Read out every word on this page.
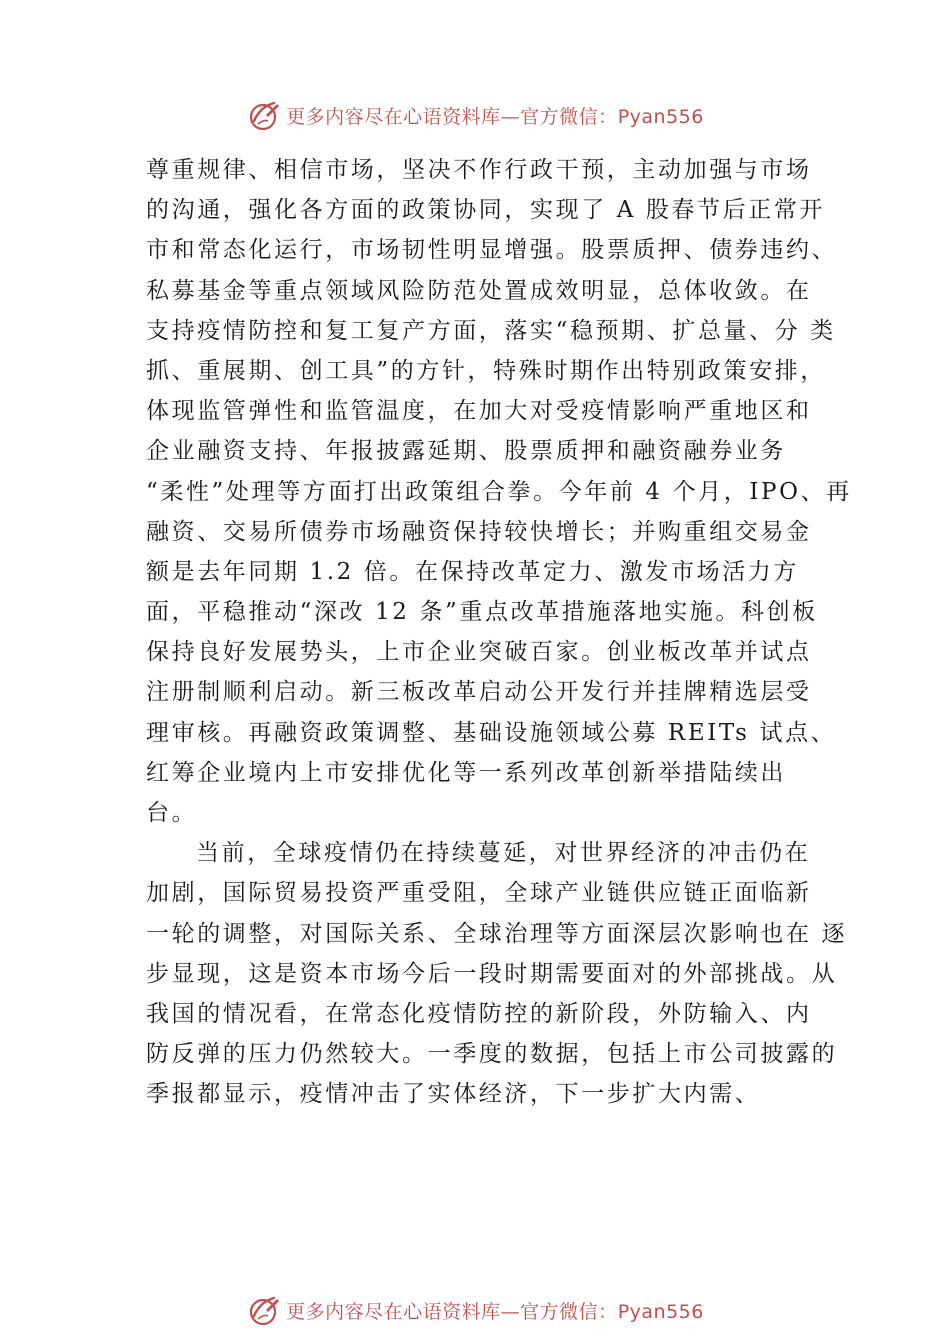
更多内容尽在心语资料库—官方微信：Pyan556
尊重规律、相信市场，坚决不作行政干预，主动加强与市场
的沟通，强化各方面的政策协同，实现了 A 股春节后正常开
市和常态化运行，市场韧性明显增强。股票质押、债券违约、
私募基金等重点领域风险防范处置成效明显，总体收敛。在
支持疫情防控和复工复产方面，落实“稳预期、扩总量、分 类
抓、重展期、创工具”的方针，特殊时期作出特别政策安排，
体现监管弹性和监管温度，在加大对受疫情影响严重地区和
企业融资支持、年报披露延期、股票质押和融资融券业务
“柔性”处理等方面打出政策组合拳。今年前 4 个月，IPO、再
融资、交易所债券市场融资保持较快增长；并购重组交易金
额是去年同期 1.2 倍。在保持改革定力、激发市场活力方
面，平稳推动“深改 12 条”重点改革措施落地实施。科创板
保持良好发展势头，上市企业突破百家。创业板改革并试点
注册制顺利启动。新三板改革启动公开发行并挂牌精选层受
理审核。再融资政策调整、基础设施领域公募 REITs 试点、
红筹企业境内上市安排优化等一系列改革创新举措陆续出
台。
当前，全球疫情仍在持续蔓延，对世界经济的冲击仍在
加剧，国际贸易投资严重受阻，全球产业链供应链正面临新
一轮的调整，对国际关系、全球治理等方面深层次影响也在 逐
步显现，这是资本市场今后一段时期需要面对的外部挑战。从
我国的情况看，在常态化疫情防控的新阶段，外防输入、内
防反弹的压力仍然较大。一季度的数据，包括上市公司披露的
季报都显示，疫情冲击了实体经济，下一步扩大内需、
更多内容尽在心语资料库—官方微信：Pyan556
